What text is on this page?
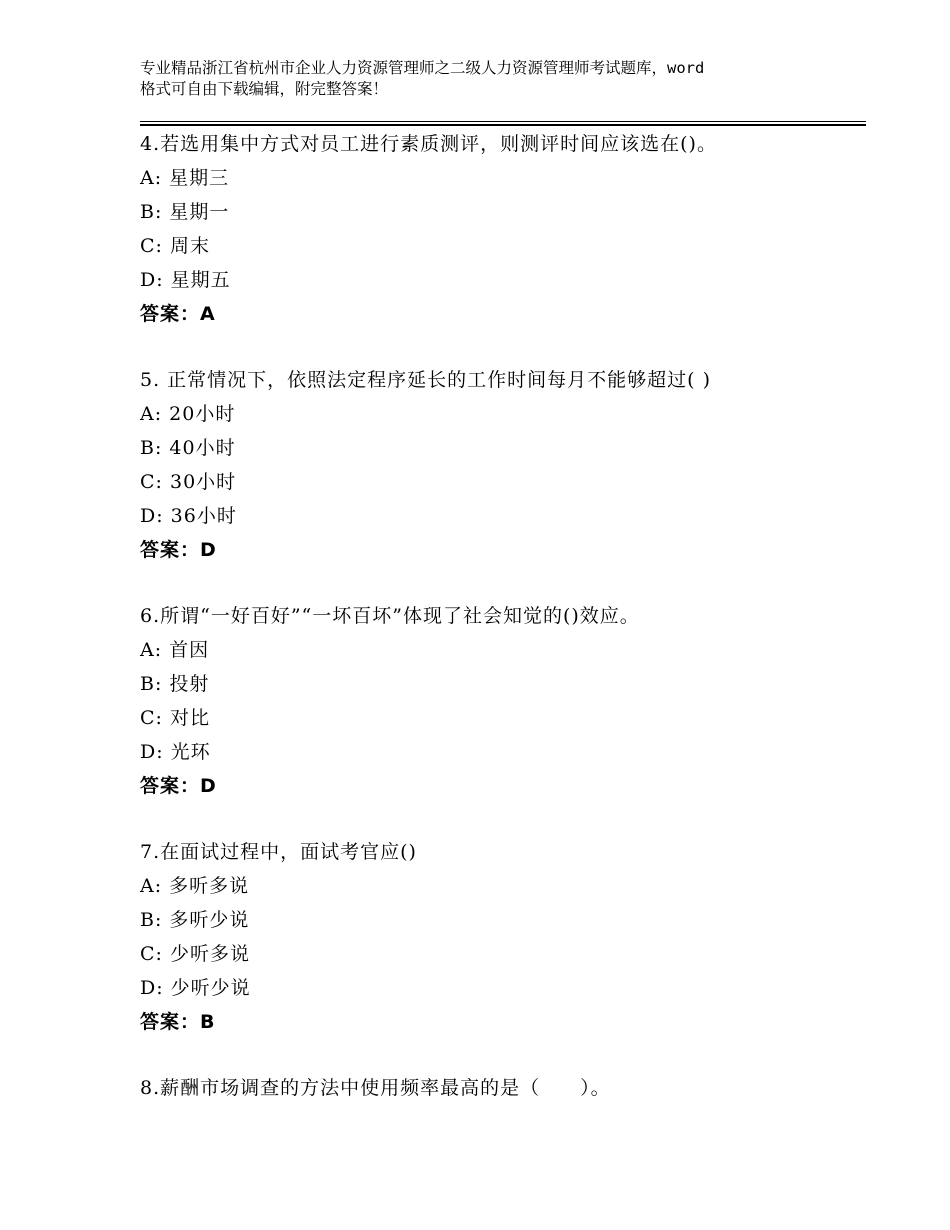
专业精品浙江省杭州市企业人力资源管理师之二级人力资源管理师考试题库，word
格式可自由下载编辑，附完整答案！
4.若选用集中方式对员工进行素质测评，则测评时间应该选在()。
A: 星期三
B: 星期一
C: 周末
D: 星期五
答案：A
5. 正常情况下，依照法定程序延长的工作时间每月不能够超过( )
A: 20小时
B: 40小时
C: 30小时
D: 36小时
答案：D
6.所谓“一好百好”“一坏百坏”体现了社会知觉的()效应。
A: 首因
B: 投射
C: 对比
D: 光环
答案：D
7.在面试过程中，面试考官应()
A: 多听多说
B: 多听少说
C: 少听多说
D: 少听少说
答案：B
8.薪酬市场调查的方法中使用频率最高的是（　　）。
